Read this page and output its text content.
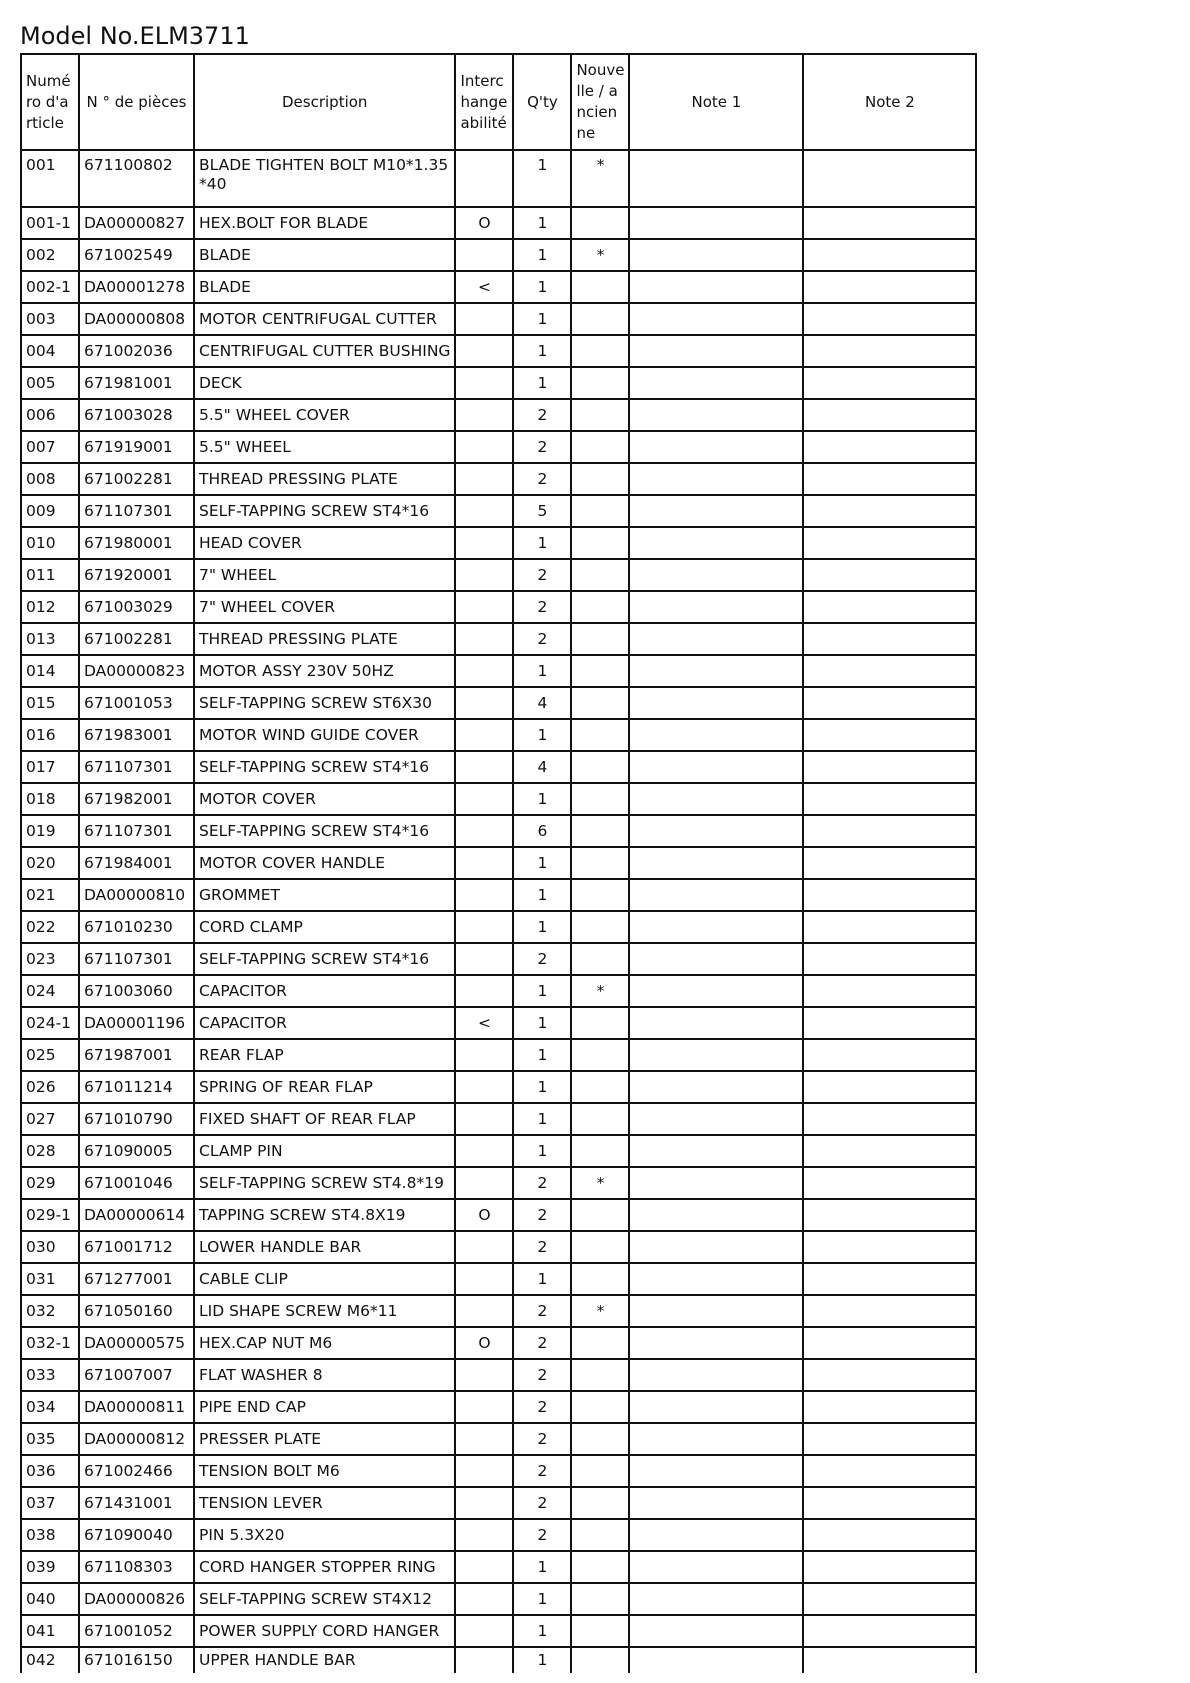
Model No.ELM3711
Numéro d'article	N ° de pièces	Description	Interchangeabilité	Q'ty	Nouvelle / ancienne	Note 1	Note 2
001	671100802	BLADE TIGHTEN BOLT M10*1.35*40		1	*		
001-1	DA00000827	HEX.BOLT FOR BLADE	O	1			
002	671002549	BLADE		1	*		
002-1	DA00001278	BLADE	<	1			
003	DA00000808	MOTOR CENTRIFUGAL CUTTER		1			
004	671002036	CENTRIFUGAL CUTTER BUSHING		1			
005	671981001	DECK		1			
006	671003028	5.5" WHEEL COVER		2			
007	671919001	5.5" WHEEL		2			
008	671002281	THREAD PRESSING PLATE		2			
009	671107301	SELF-TAPPING SCREW ST4*16		5			
010	671980001	HEAD COVER		1			
011	671920001	7" WHEEL		2			
012	671003029	7" WHEEL COVER		2			
013	671002281	THREAD PRESSING PLATE		2			
014	DA00000823	MOTOR ASSY 230V 50HZ		1			
015	671001053	SELF-TAPPING SCREW ST6X30		4			
016	671983001	MOTOR WIND GUIDE COVER		1			
017	671107301	SELF-TAPPING SCREW ST4*16		4			
018	671982001	MOTOR COVER		1			
019	671107301	SELF-TAPPING SCREW ST4*16		6			
020	671984001	MOTOR COVER HANDLE		1			
021	DA00000810	GROMMET		1			
022	671010230	CORD CLAMP		1			
023	671107301	SELF-TAPPING SCREW ST4*16		2			
024	671003060	CAPACITOR		1	*		
024-1	DA00001196	CAPACITOR	<	1			
025	671987001	REAR FLAP		1			
026	671011214	SPRING OF REAR FLAP		1			
027	671010790	FIXED SHAFT OF REAR FLAP		1			
028	671090005	CLAMP PIN		1			
029	671001046	SELF-TAPPING SCREW ST4.8*19		2	*		
029-1	DA00000614	TAPPING SCREW ST4.8X19	O	2			
030	671001712	LOWER HANDLE BAR		2			
031	671277001	CABLE CLIP		1			
032	671050160	LID SHAPE SCREW M6*11		2	*		
032-1	DA00000575	HEX.CAP NUT M6	O	2			
033	671007007	FLAT WASHER 8		2			
034	DA00000811	PIPE END CAP		2			
035	DA00000812	PRESSER PLATE		2			
036	671002466	TENSION BOLT M6		2			
037	671431001	TENSION LEVER		2			
038	671090040	PIN 5.3X20		2			
039	671108303	CORD HANGER STOPPER RING		1			
040	DA00000826	SELF-TAPPING SCREW ST4X12		1			
041	671001052	POWER SUPPLY CORD HANGER		1			
042	671016150	UPPER HANDLE BAR		1			
